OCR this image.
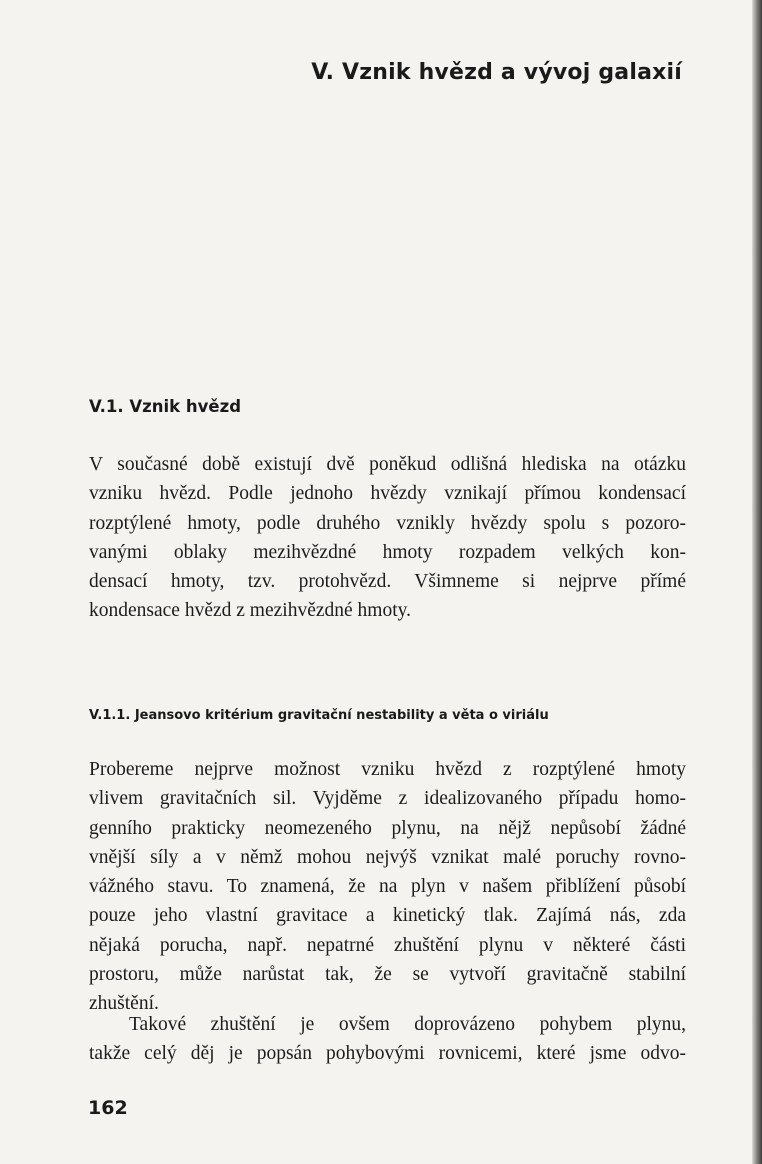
V. Vznik hvězd a vývoj galaxií
V.1. Vznik hvězd

V současné době existují dvě poněkud odlišná hlediska na otázku
vzniku hvězd. Podle jednoho hvězdy vznikají přímou kondensací
rozptýlené hmoty, podle druhého vznikly hvězdy spolu s pozoro-
vanými oblaky mezihvězdné hmoty rozpadem velkých kon-
densací hmoty, tzv. protohvězd. Všimneme si nejprve přímé
kondensace hvězd z mezihvězdné hmoty.

V.1.1. Jeansovo kritérium gravitační nestability a věta o viriálu

Probereme nejprve možnost vzniku hvězd z rozptýlené hmoty
vlivem gravitačních sil. Vyjděme z idealizovaného případu homo-
genního prakticky neomezeného plynu, na nějž nepůsobí žádné
vnější síly a v němž mohou nejvýš vznikat malé poruchy rovno-
vážného stavu. To znamená, že na plyn v našem přiblížení působí
pouze jeho vlastní gravitace a kinetický tlak. Zajímá nás, zda
nějaká porucha, např. nepatrné zhuštění plynu v některé části
prostoru, může narůstat tak, že se vytvoří gravitačně stabilní
zhuštění.

Takové zhuštění je ovšem doprovázeno pohybem plynu,
takže celý děj je popsán pohybovými rovnicemi, které jsme odvo-

162
